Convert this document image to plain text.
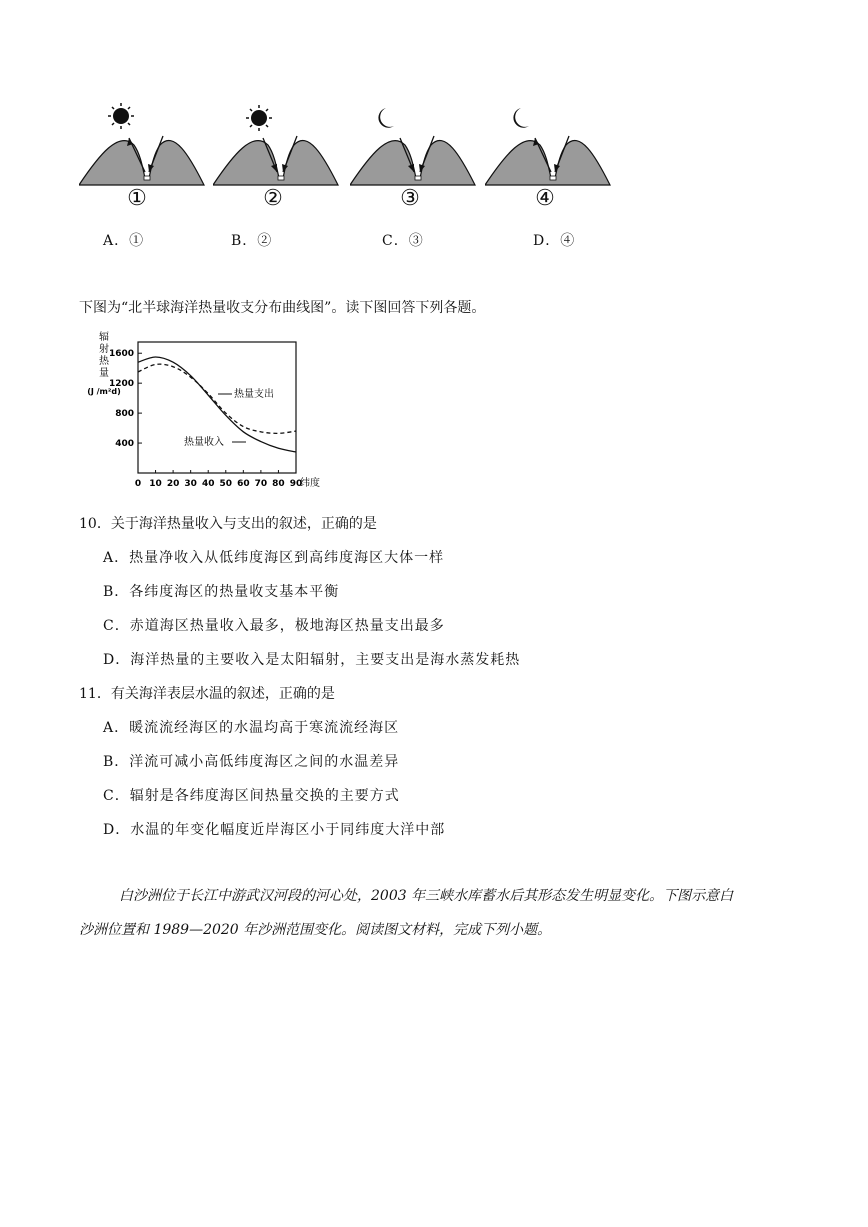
①	②	③	④
A．①	B．②	C．③	D．④
下图为“北半球海洋热量收支分布曲线图”。读下图回答下列各题。
400
800
1200
1600
0 10 20 30 40 50 60 70 80 90
辐
射
热
量
(J /m²d)
纬度
热量支出
热量收入
10．关于海洋热量收入与支出的叙述，正确的是
A．热量净收入从低纬度海区到高纬度海区大体一样
B．各纬度海区的热量收支基本平衡
C．赤道海区热量收入最多，极地海区热量支出最多
D．海洋热量的主要收入是太阳辐射，主要支出是海水蒸发耗热
11．有关海洋表层水温的叙述，正确的是
A．暖流流经海区的水温均高于寒流流经海区
B．洋流可减小高低纬度海区之间的水温差异
C．辐射是各纬度海区间热量交换的主要方式
D．水温的年变化幅度近岸海区小于同纬度大洋中部
白沙洲位于长江中游武汉河段的河心处，2003 年三峡水库蓄水后其形态发生明显变化。下图示意白
沙洲位置和 1989—2020 年沙洲范围变化。阅读图文材料，完成下列小题。
